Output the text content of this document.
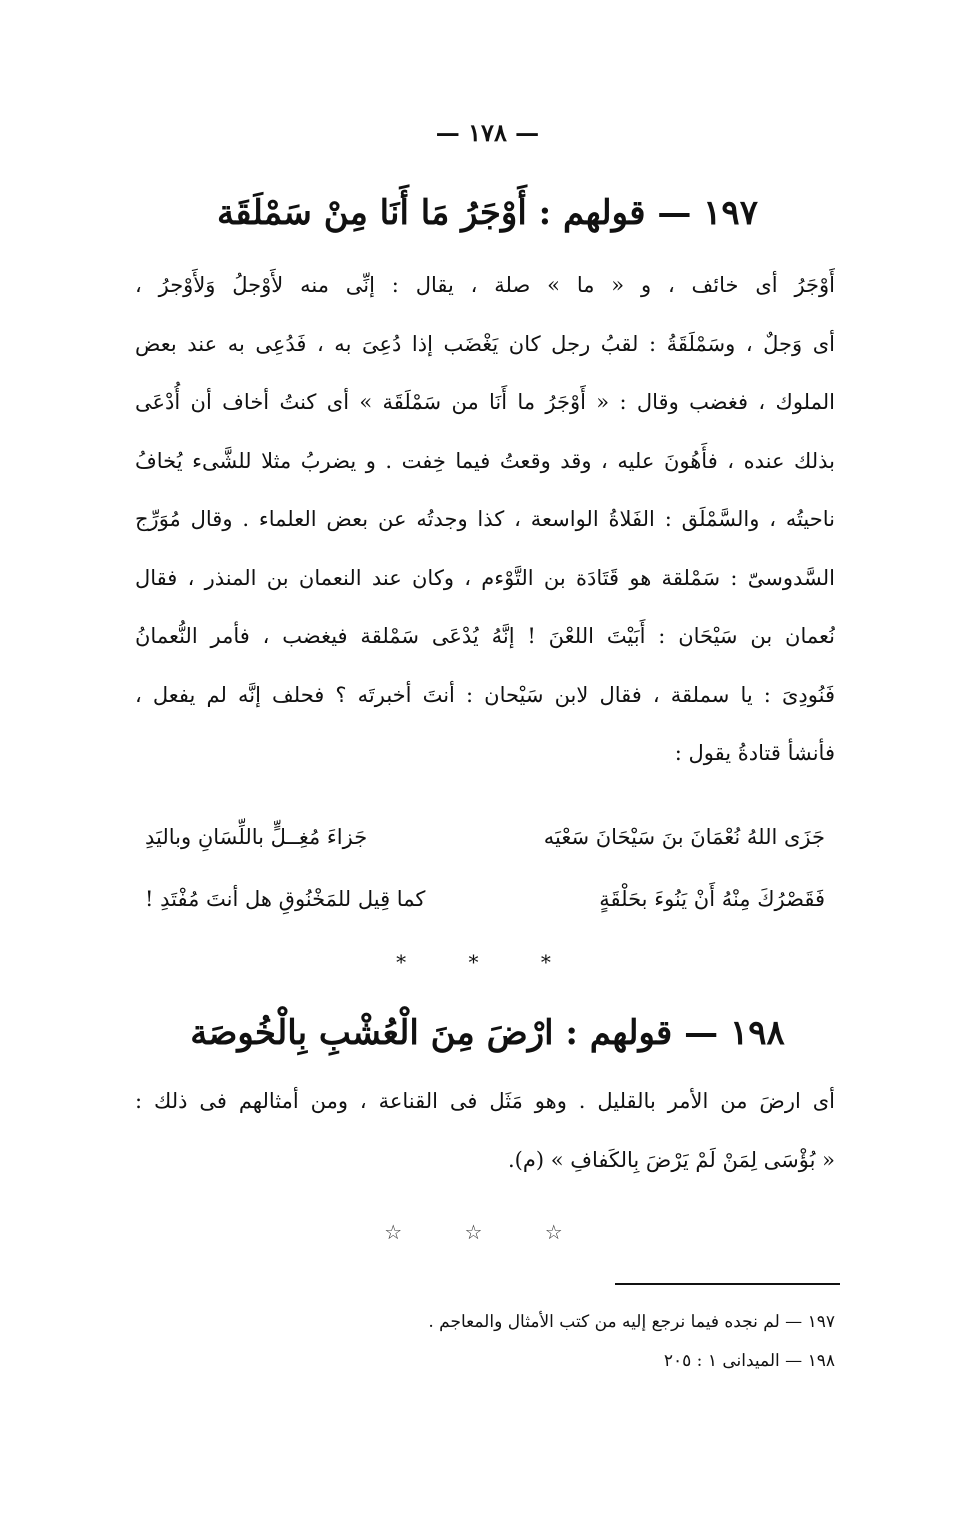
— ١٧٨ —
١٩٧ — قولهم : أَوْجَرُ مَا أَنَا مِنْ سَمْلَقَة
أَوْجَرُ أى خائف ، و « ما » صلة ، يقال : إنِّى منه لأَوْجلُ وَلأَوْجرُ ،
أى وَجلٌ ، وسَمْلَقَةُ : لقبُ رجل كان يَغْضَب إذا دُعِىَ به ، فَدُعِى به عند بعض
الملوك ، فغضب وقال : « أَوْجَرُ ما أَنَا من سَمْلَقَة » أى كنتُ أخاف أن أُدْعَى
بذلك عنده ، فأَهُونَ عليه ، وقد وقعتُ فيما خِفت . و يضربُ مثلا للشَّىء يُخافُ
ناحيتُه ، والسَّمْلَق : الفَلاةُ الواسعة ، كذا وجدتُه عن بعض العلماء . وقال مُوَرِّج
السَّدوسىّ : سَمْلقة هو قَتَادَة بن التَّوْءم ، وكان عند النعمان بن المنذر ، فقال
نُعمان بن سَيْحَان : أَبَيْتَ اللعْنَ ! إنَّهُ يُدْعَى سَمْلقة فيغضب ، فأمر النُّعمانُ
فَنُودِىَ : يا سملقة ، فقال لابن سَيْحان : أنتَ أخبرتَه ؟ فحلف إنَّه لم يفعل ،
فأنشأ قتادةُ يقول :
جَزَى اللهُ نُعْمَانَ بنَ سَيْحَانَ سَعْيَه
جَزاءَ مُغِــلٍّ باللِّسَانِ وباليَدِ
فَقَصْرُكَ مِنْهُ أَنْ يَنُوءَ بحَلْقَةٍ
كما قِيل للمَخْنُوقِ هل أنتَ مُفْتَدِ !
* * *
١٩٨ — قولهم : ارْضَ مِنَ الْعُشْبِ بِالْخُوصَة
أى ارضَ من الأمر بالقليل . وهو مَثَل فى القناعة ، ومن أمثالهم فى ذلك :
« بُؤْسَى لِمَنْ لَمْ يَرْضَ بِالكَفافِ » (م).
☆ ☆ ☆
١٩٧ — لم نجده فيما نرجع إليه من كتب الأمثال والمعاجم .
١٩٨ — الميدانى ١ : ٢٠٥
